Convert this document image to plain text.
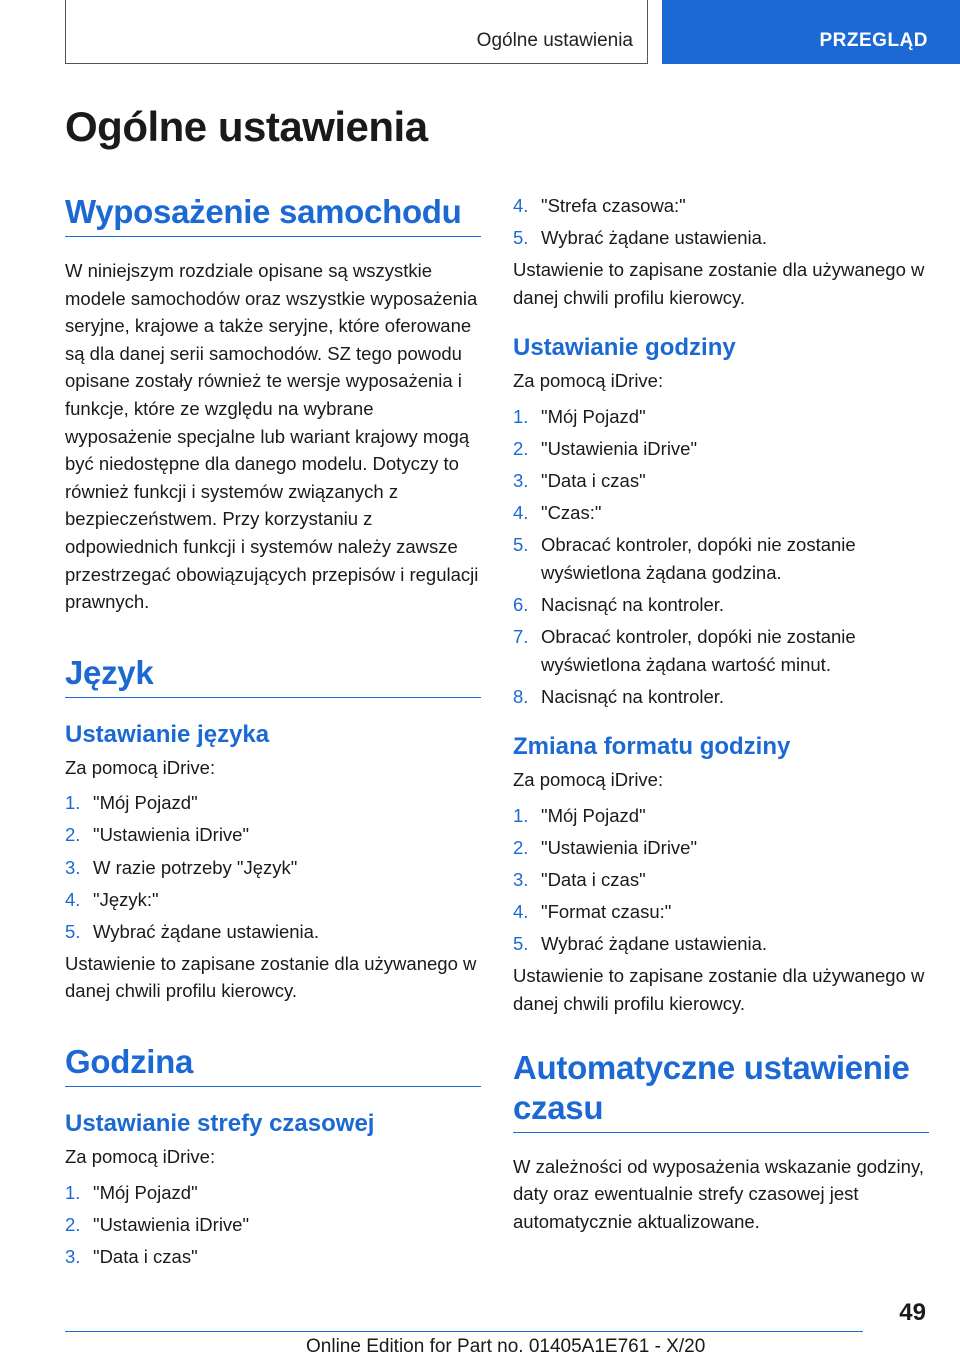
Ogólne ustawienia	PRZEGLĄD
Ogólne ustawienia
Wyposażenie samochodu

W niniejszym rozdziale opisane są wszystkie modele samochodów oraz wszystkie wyposażenia seryjne, krajowe a także seryjne, które oferowane są dla danej serii samochodów. SZ tego powodu opisane zostały również te wersje wyposażenia i funkcje, które ze względu na wybrane wyposażenie specjalne lub wariant krajowy mogą być niedostępne dla danego modelu. Dotyczy to również funkcji i systemów związanych z bezpieczeństwem. Przy korzystaniu z odpowiednich funkcji i systemów należy zawsze przestrzegać obowiązujących przepisów i regulacji prawnych.

Język
Ustawianie języka

Za pomocą iDrive:

1. "Mój Pojazd"
2. "Ustawienia iDrive"
3. W razie potrzeby "Język"
4. "Język:"
5. Wybrać żądane ustawienia.

Ustawienie to zapisane zostanie dla używanego w danej chwili profilu kierowcy.

Godzina
Ustawianie strefy czasowej

Za pomocą iDrive:

1. "Mój Pojazd"
2. "Ustawienia iDrive"
3. "Data i czas"
4. "Strefa czasowa:"
5. Wybrać żądane ustawienia.

Ustawienie to zapisane zostanie dla używanego w danej chwili profilu kierowcy.

Ustawianie godziny

Za pomocą iDrive:

1. "Mój Pojazd"
2. "Ustawienia iDrive"
3. "Data i czas"
4. "Czas:"
5. Obracać kontroler, dopóki nie zostanie wyświetlona żądana godzina.
6. Nacisnąć na kontroler.
7. Obracać kontroler, dopóki nie zostanie wyświetlona żądana wartość minut.
8. Nacisnąć na kontroler.
Zmiana formatu godziny

Za pomocą iDrive:

1. "Mój Pojazd"
2. "Ustawienia iDrive"
3. "Data i czas"
4. "Format czasu:"
5. Wybrać żądane ustawienia.

Ustawienie to zapisane zostanie dla używanego w danej chwili profilu kierowcy.

Automatyczne ustawienie czasu

W zależności od wyposażenia wskazanie godziny, daty oraz ewentualnie strefy czasowej jest automatycznie aktualizowane.

49
Online Edition for Part no. 01405A1E761 - X/20
